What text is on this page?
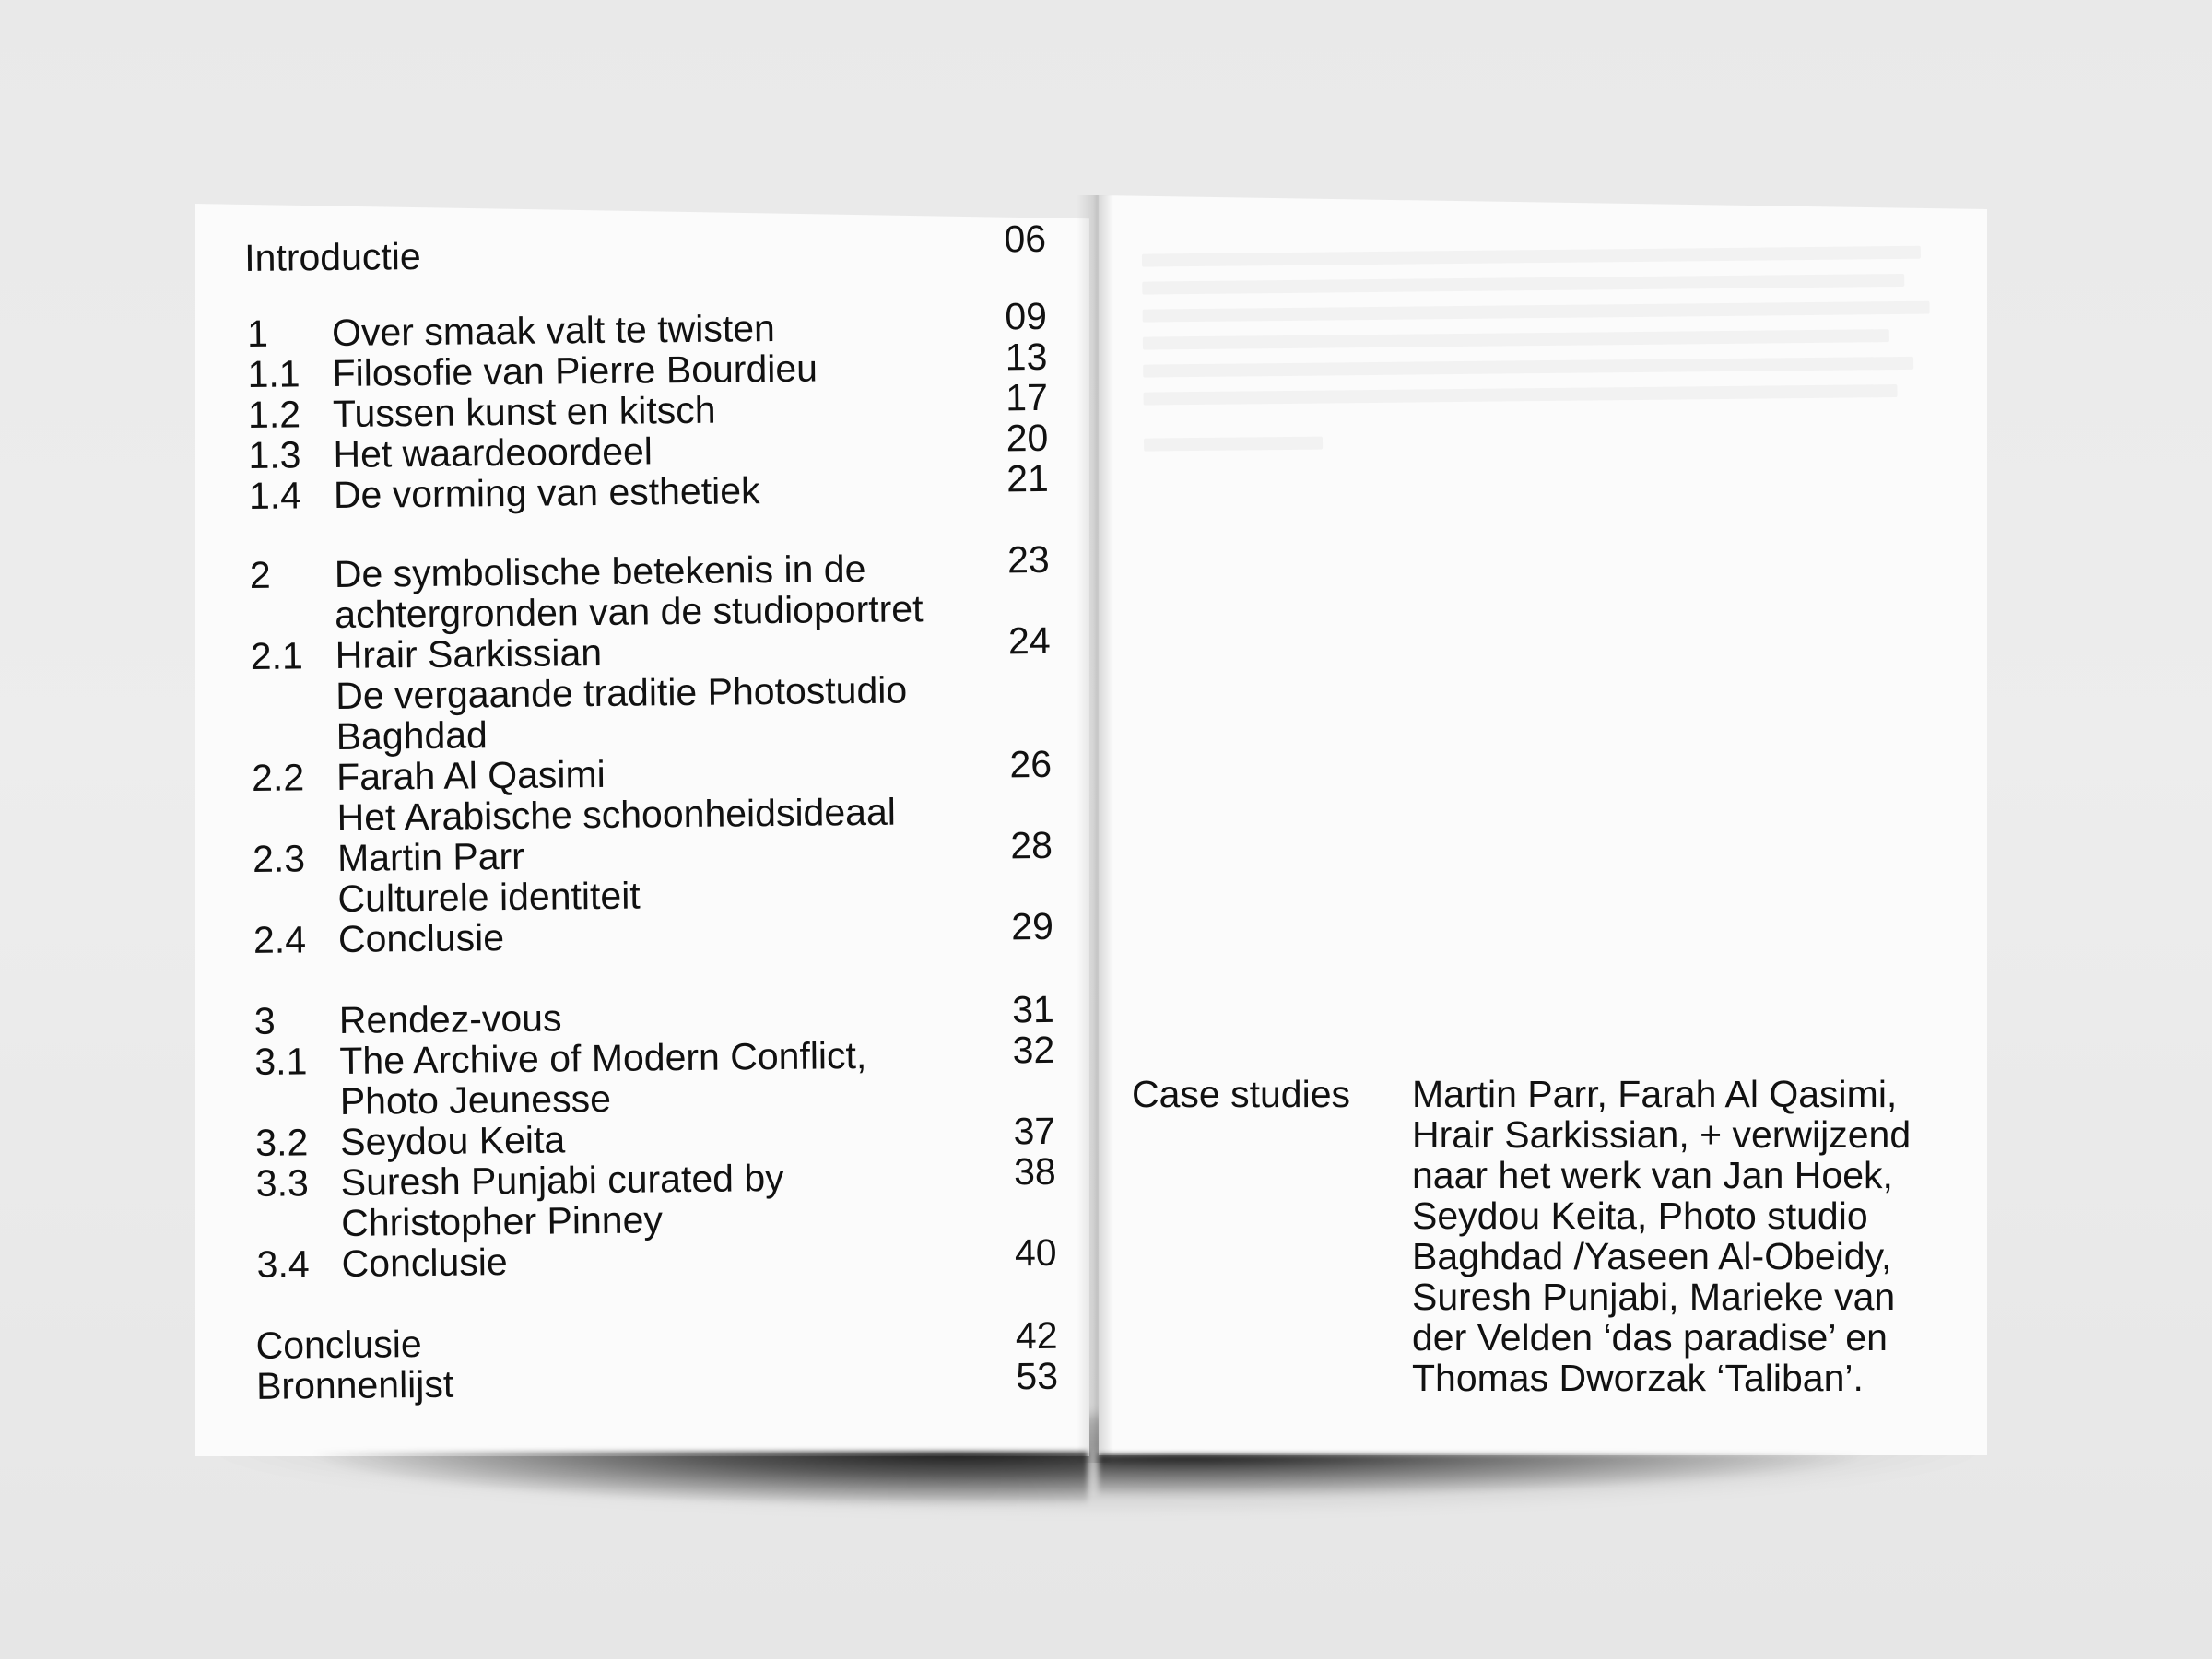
Introductie	06
1 Over smaak valt te twisten	09
1.1 Filosofie van Pierre Bourdieu	13
1.2 Tussen kunst en kitsch	17
1.3 Het waardeoordeel	20
1.4 De vorming van esthetiek	21
2 De symbolische betekenis in de	23
achtergronden van de studioportret
2.1 Hrair Sarkissian	24
De vergaande traditie Photostudio
Baghdad
2.2 Farah Al Qasimi	26
Het Arabische schoonheidsideaal
2.3 Martin Parr	28
Culturele identiteit
2.4 Conclusie	29
3 Rendez-vous	31
3.1 The Archive of Modern Conflict,	32
Photo Jeunesse
3.2 Seydou Keita	37
3.3 Suresh Punjabi curated by	38
Christopher Pinney
3.4 Conclusie	40
Conclusie	42
Bronnenlijst	53
Case studies Martin Parr, Farah Al Qasimi,
Hrair Sarkissian, + verwijzend
naar het werk van Jan Hoek,
Seydou Keita, Photo studio
Baghdad /Yaseen Al-Obeidy,
Suresh Punjabi, Marieke van
der Velden ‘das paradise’ en
Thomas Dworzak ‘Taliban’.
